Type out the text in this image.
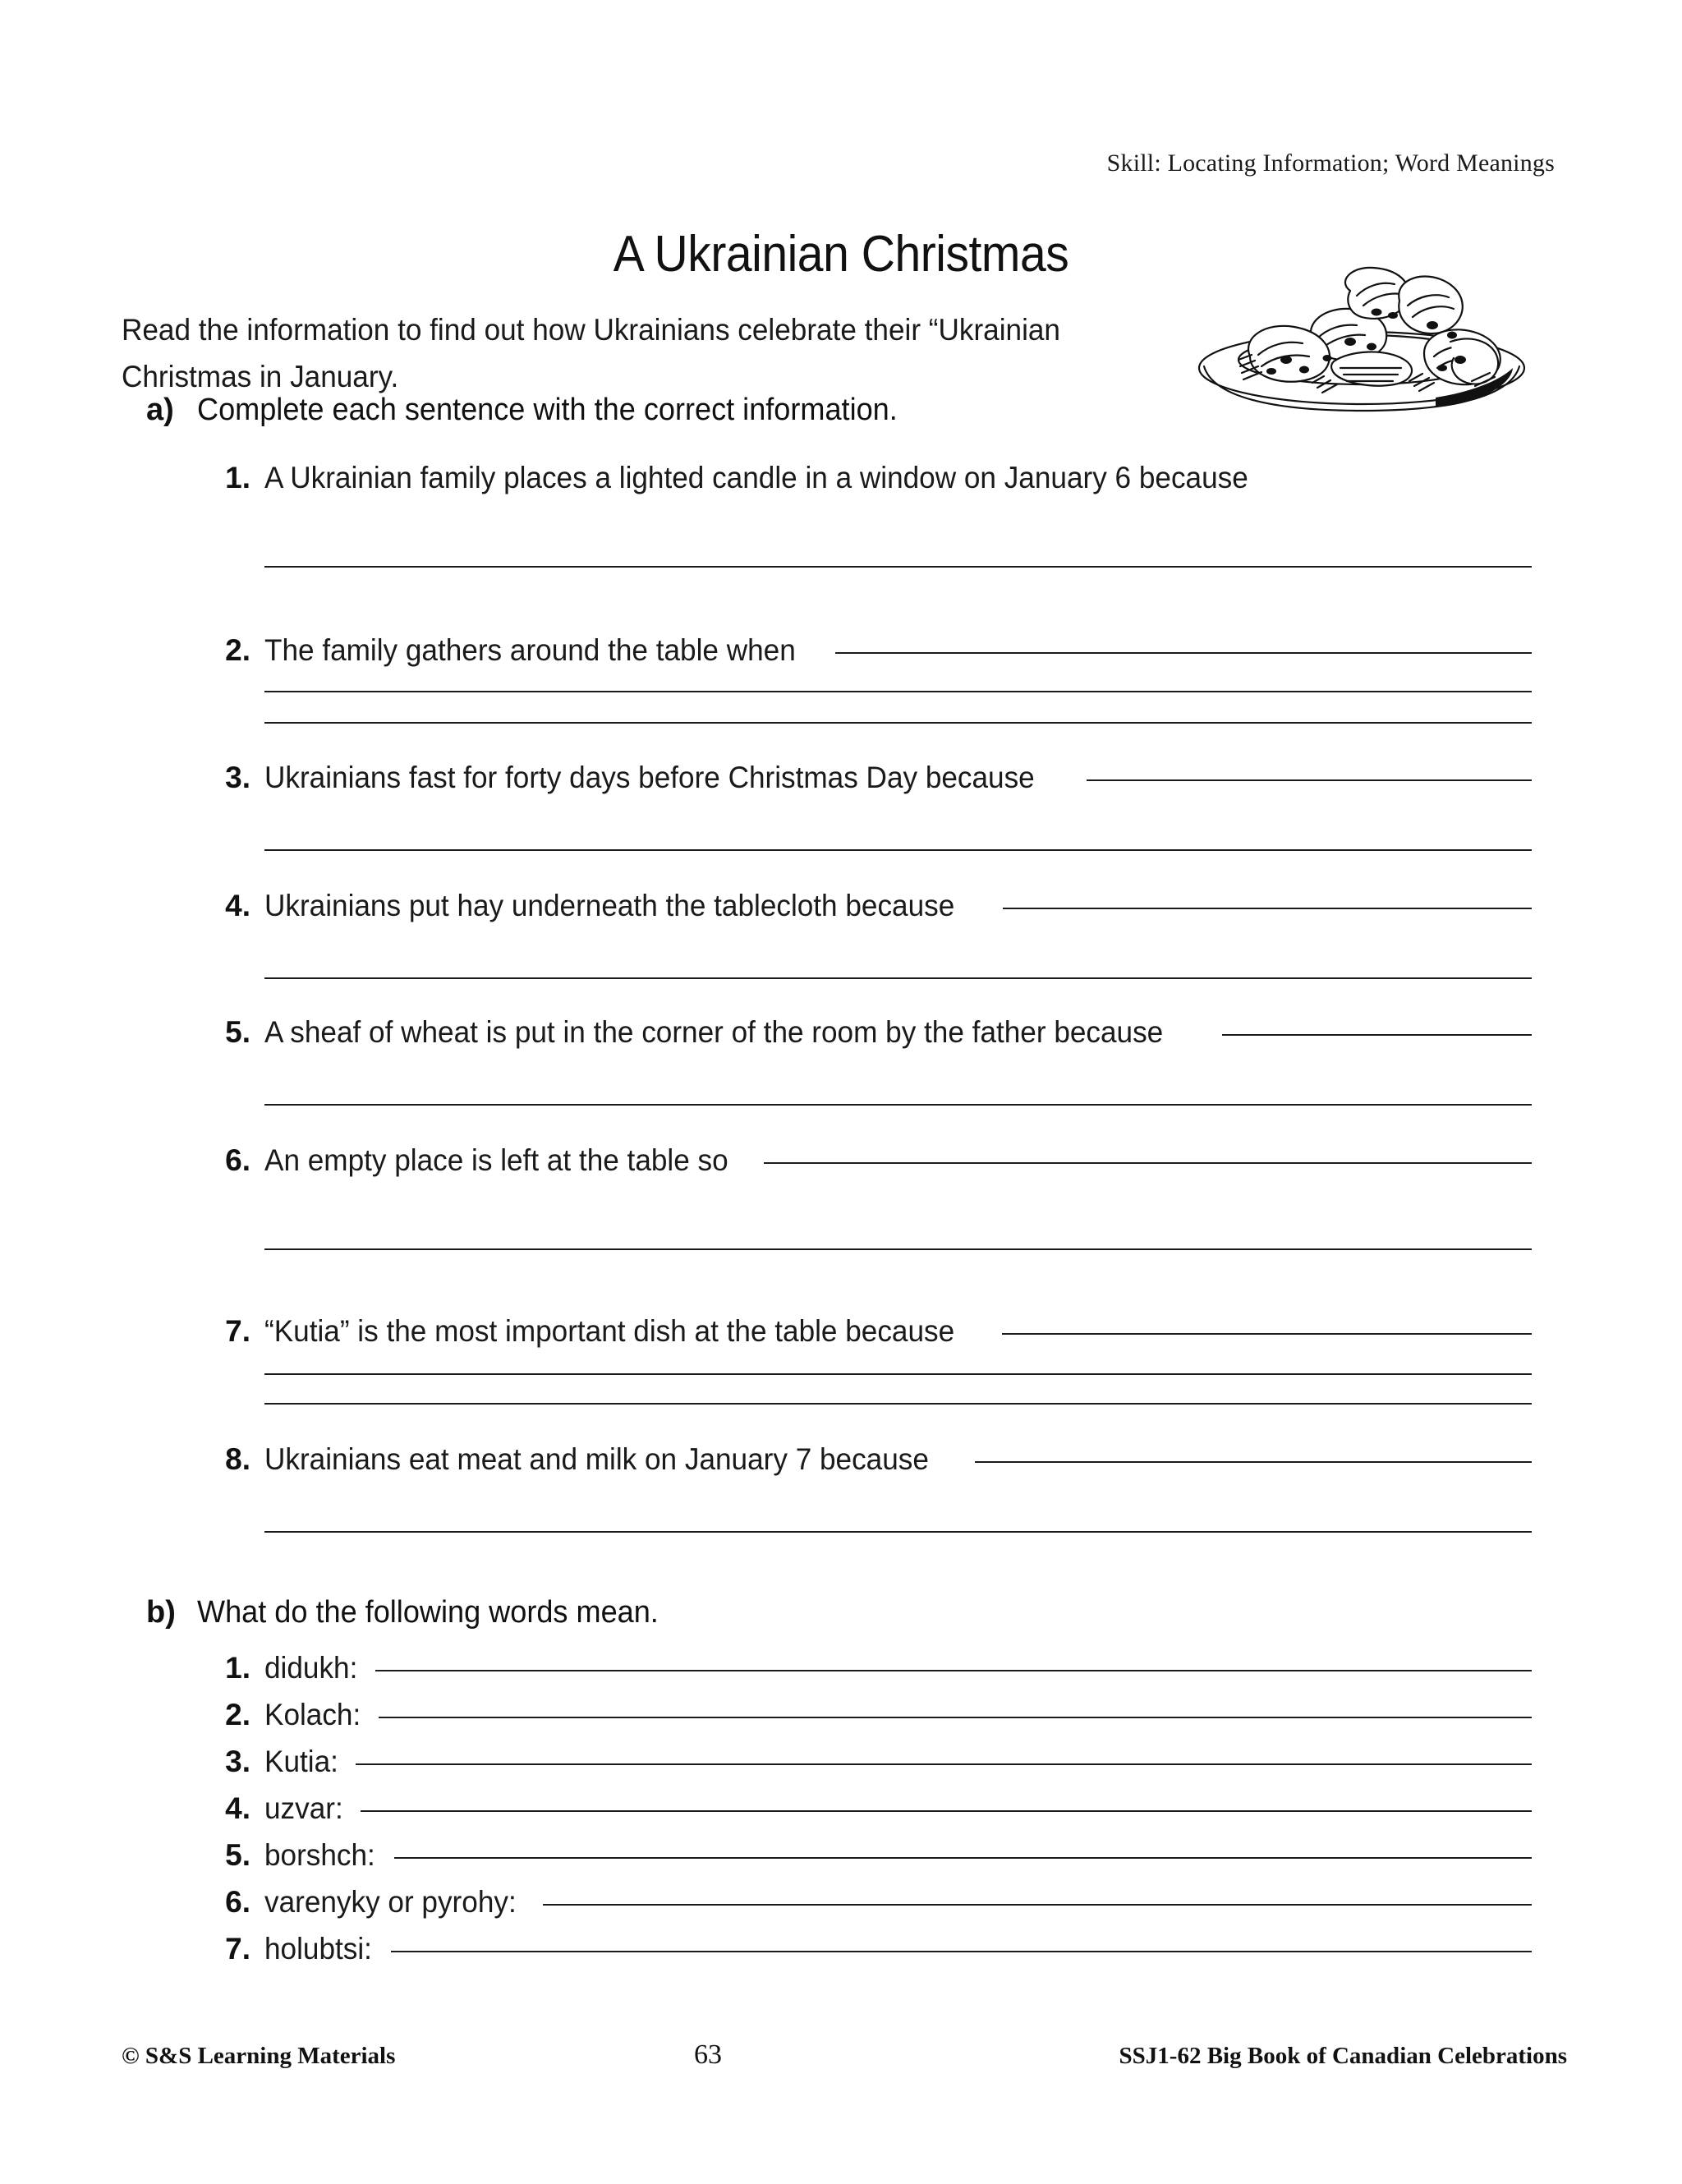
Skill: Locating Information; Word Meanings
A Ukrainian Christmas

Read the information to find out how Ukrainians celebrate their “Ukrainian Christmas in January.

a) Complete each sentence with the correct information.
1. A Ukrainian family places a lighted candle in a window on January 6 because
2. The family gathers around the table when
3. Ukrainians fast for forty days before Christmas Day because
4. Ukrainians put hay underneath the tablecloth because
5. A sheaf of wheat is put in the corner of the room by the father because
6. An empty place is left at the table so
7. “Kutia” is the most important dish at the table because
8. Ukrainians eat meat and milk on January 7 because
b) What do the following words mean.
1. didukh:
2. Kolach:
3. Kutia:
4. uzvar:
5. borshch:
6. varenyky or pyrohy:
7. holubtsi:
© S&S Learning Materials	63	SSJ1-62 Big Book of Canadian Celebrations
